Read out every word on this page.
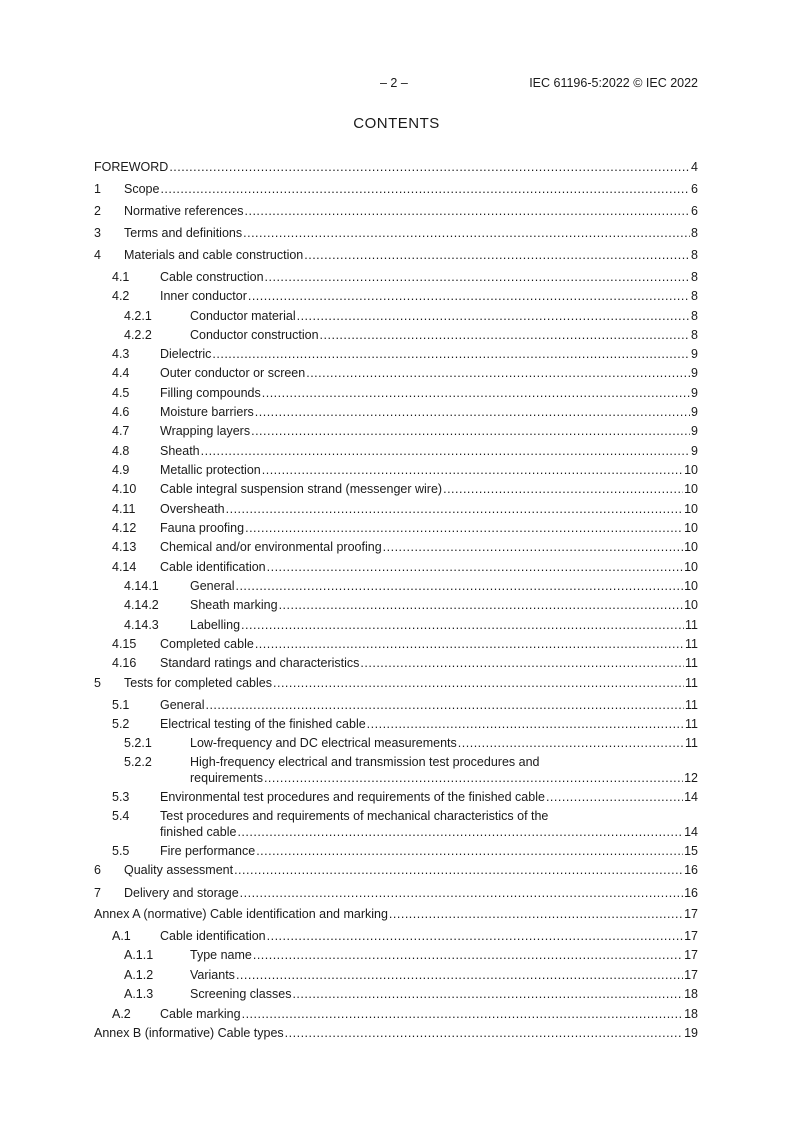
– 2 –	IEC 61196-5:2022 © IEC 2022
CONTENTS
FOREWORD .....	4
1	Scope .....	6
2	Normative references .....	6
3	Terms and definitions .....	8
4	Materials and cable construction .....	8
4.1	Cable construction .....	8
4.2	Inner conductor .....	8
4.2.1	Conductor material .....	8
4.2.2	Conductor construction .....	8
4.3	Dielectric .....	9
4.4	Outer conductor or screen .....	9
4.5	Filling compounds .....	9
4.6	Moisture barriers .....	9
4.7	Wrapping layers .....	9
4.8	Sheath .....	9
4.9	Metallic protection .....	10
4.10	Cable integral suspension strand (messenger wire) .....	10
4.11	Oversheath .....	10
4.12	Fauna proofing .....	10
4.13	Chemical and/or environmental proofing .....	10
4.14	Cable identification .....	10
4.14.1	General .....	10
4.14.2	Sheath marking .....	10
4.14.3	Labelling .....	11
4.15	Completed cable .....	11
4.16	Standard ratings and characteristics .....	11
5	Tests for completed cables .....	11
5.1	General .....	11
5.2	Electrical testing of the finished cable .....	11
5.2.1	Low-frequency and DC electrical measurements .....	11
5.2.2	High-frequency electrical and transmission test procedures and
requirements .....	12
5.3	Environmental test procedures and requirements of the finished cable .....	14
5.4	Test procedures and requirements of mechanical characteristics of the
finished cable .....	14
5.5	Fire performance .....	15
6	Quality assessment .....	16
7	Delivery and storage .....	16
Annex A (normative) Cable identification and marking .....	17
A.1	Cable identification .....	17
A.1.1	Type name .....	17
A.1.2	Variants .....	17
A.1.3	Screening classes .....	18
A.2	Cable marking .....	18
Annex B (informative) Cable types .....	19
